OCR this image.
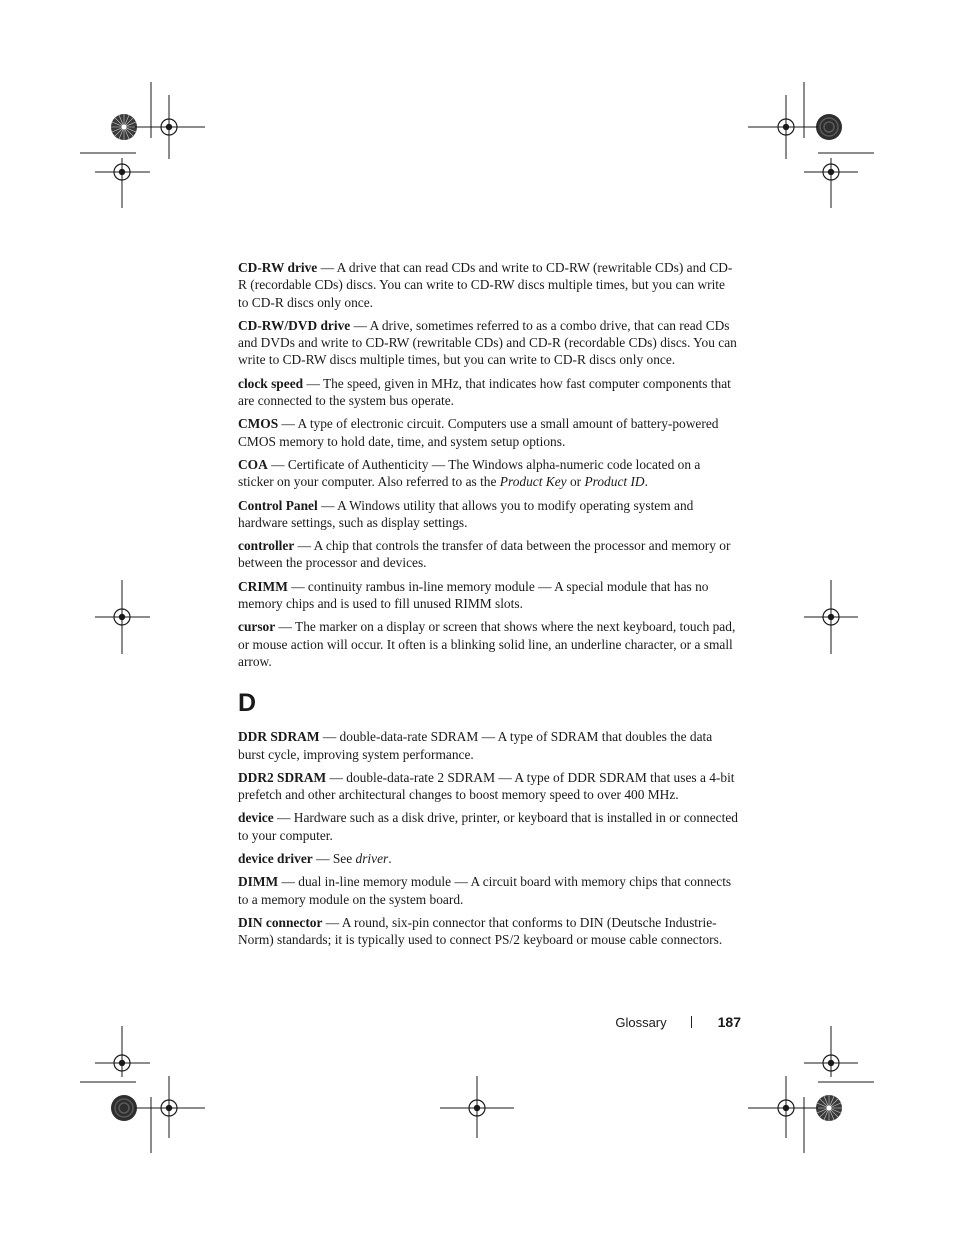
CD-RW drive — A drive that can read CDs and write to CD-RW (rewritable CDs) and CD-R (recordable CDs) discs. You can write to CD-RW discs multiple times, but you can write to CD-R discs only once.

CD-RW/DVD drive — A drive, sometimes referred to as a combo drive, that can read CDs and DVDs and write to CD-RW (rewritable CDs) and CD-R (recordable CDs) discs. You can write to CD-RW discs multiple times, but you can write to CD-R discs only once.

clock speed — The speed, given in MHz, that indicates how fast computer components that are connected to the system bus operate.

CMOS — A type of electronic circuit. Computers use a small amount of battery-powered CMOS memory to hold date, time, and system setup options.

COA — Certificate of Authenticity — The Windows alpha-numeric code located on a sticker on your computer. Also referred to as the Product Key or Product ID.

Control Panel — A Windows utility that allows you to modify operating system and hardware settings, such as display settings.

controller — A chip that controls the transfer of data between the processor and memory or between the processor and devices.

CRIMM — continuity rambus in-line memory module — A special module that has no memory chips and is used to fill unused RIMM slots.

cursor — The marker on a display or screen that shows where the next keyboard, touch pad, or mouse action will occur. It often is a blinking solid line, an underline character, or a small arrow.

D

DDR SDRAM — double-data-rate SDRAM — A type of SDRAM that doubles the data burst cycle, improving system performance.

DDR2 SDRAM — double-data-rate 2 SDRAM — A type of DDR SDRAM that uses a 4-bit prefetch and other architectural changes to boost memory speed to over 400 MHz.

device — Hardware such as a disk drive, printer, or keyboard that is installed in or connected to your computer.

device driver — See driver.

DIMM — dual in-line memory module — A circuit board with memory chips that connects to a memory module on the system board.

DIN connector — A round, six-pin connector that conforms to DIN (Deutsche Industrie-Norm) standards; it is typically used to connect PS/2 keyboard or mouse cable connectors.

Glossary	187
